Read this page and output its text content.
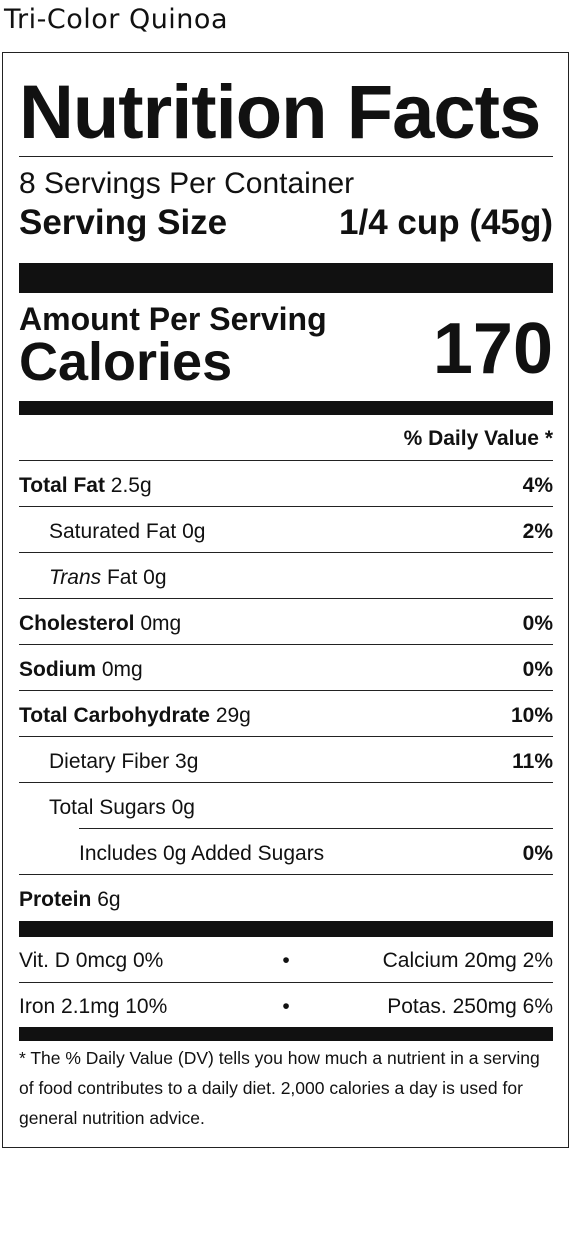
Tri-Color Quinoa
Nutrition Facts
8 Servings Per Container
Serving Size	1/4 cup (45g)
Amount Per Serving
Calories	170
% Daily Value *
Total Fat 2.5g	4%
Saturated Fat 0g	2%
Trans Fat 0g
Cholesterol 0mg	0%
Sodium 0mg	0%
Total Carbohydrate 29g	10%
Dietary Fiber 3g	11%
Total Sugars 0g
Includes 0g Added Sugars	0%
Protein 6g
Vit. D 0mcg 0%	•	Calcium 20mg 2%
Iron 2.1mg 10%	•	Potas. 250mg 6%
* The % Daily Value (DV) tells you how much a nutrient in a serving of food contributes to a daily diet. 2,000 calories a day is used for general nutrition advice.
